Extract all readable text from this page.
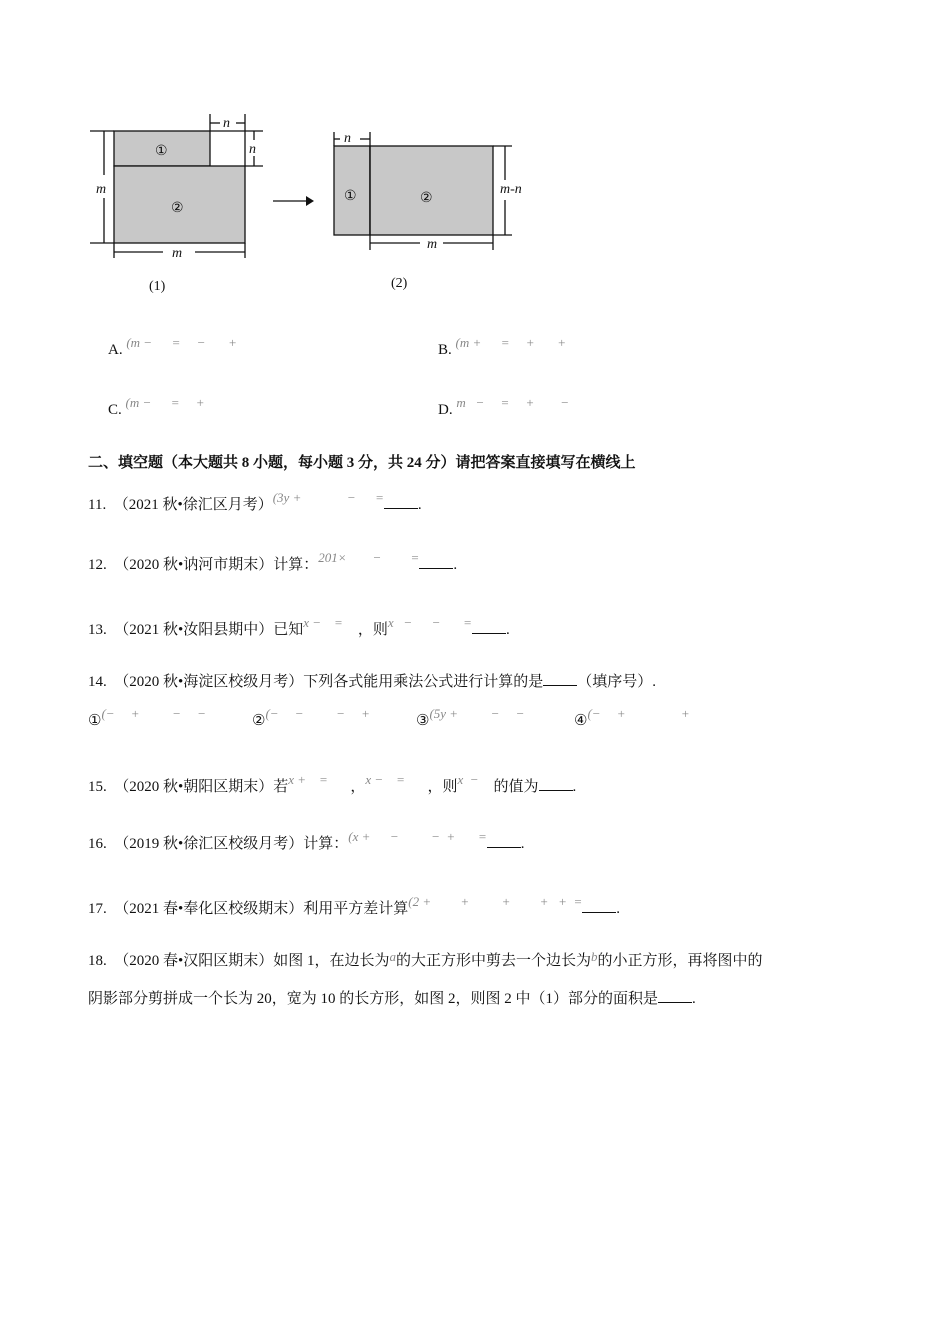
①
②
m
n
n
m
(1)
①	②
n
m-n
m
(2)
A. (m −      =     −       +	B. (m +      =     +       +
C. (m −      =     +	D. m   −     =     +        −
二、填空题（本大题共 8 小题，每小题 3 分，共 24 分）请把答案直接填写在横线上
11. （2021 秋•徐汇区月考）(3y +              −      = .
12. （2020 秋•讷河市期末）计算：201×        −         = .
13. （2021 秋•汝阳县期中）已知x −    = ，则x   −      −       = .
14. （2020 秋•海淀区校级月考）下列各式能用乘法公式进行计算的是 （填序号）.
①(−     +          −     −	②(−     −          −     +	③(5y +          −     −	④(−     +                 +
15. （2020 秋•朝阳区期末）若x +    = ，x −    = ，则x  − 的值为 .
16. （2019 秋•徐汇区校级月考）计算：(x +      −          −  +       = .
17. （2021 春•奉化区校级期末）利用平方差计算(2 +         +          +         +   +  = .
18. （2020 春•汉阳区期末）如图 1，在边长为a的大正方形中剪去一个边长为b的小正方形，再将图中的
阴影部分剪拼成一个长为 20，宽为 10 的长方形，如图 2，则图 2 中（1）部分的面积是 .
